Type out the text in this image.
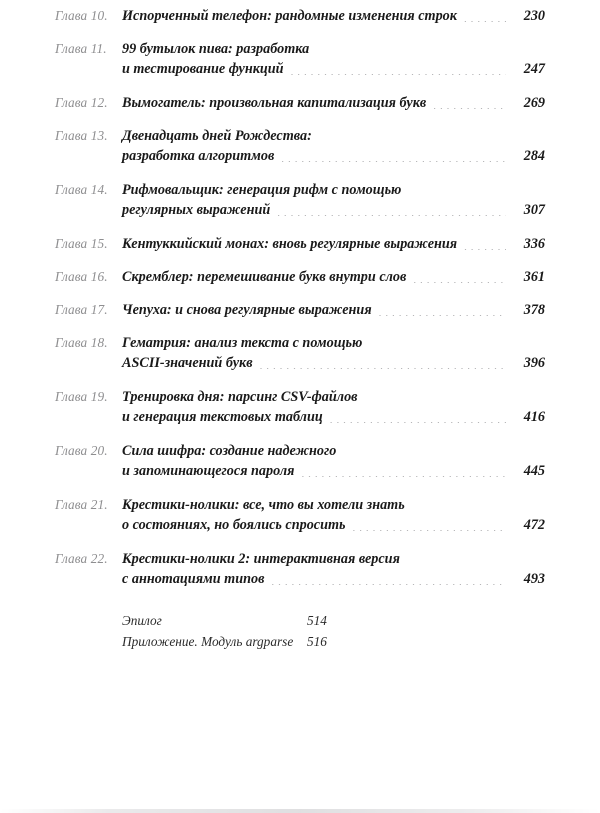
Глава 10.	Испорченный телефон: рандомные изменения строк . . .	230
Глава 11.	99 бутылок пива: разработка
и тестирование функций . . .	247
Глава 12.	Вымогатель: произвольная капитализация букв . . .	269
Глава 13.	Двенадцать дней Рождества:
разработка алгоритмов . . .	284
Глава 14.	Рифмовальщик: генерация рифм с помощью
регулярных выражений . . .	307
Глава 15.	Кентуккийский монах: вновь регулярные выражения . . .	336
Глава 16.	Скремблер: перемешивание букв внутри слов . . .	361
Глава 17.	Чепуха: и снова регулярные выражения . . .	378
Глава 18.	Гематрия: анализ текста с помощью
ASCII-значений букв . . .	396
Глава 19.	Тренировка дня: парсинг CSV-файлов
и генерация текстовых таблиц . . .	416
Глава 20.	Сила шифра: создание надежного
и запоминающегося пароля . . .	445
Глава 21.	Крестики-нолики: все, что вы хотели знать
о состояниях, но боялись спросить . . .	472
Глава 22.	Крестики-нолики 2: интерактивная версия
с аннотациями типов . . .	493
Эпилог	514
Приложение. Модуль argparse	516
